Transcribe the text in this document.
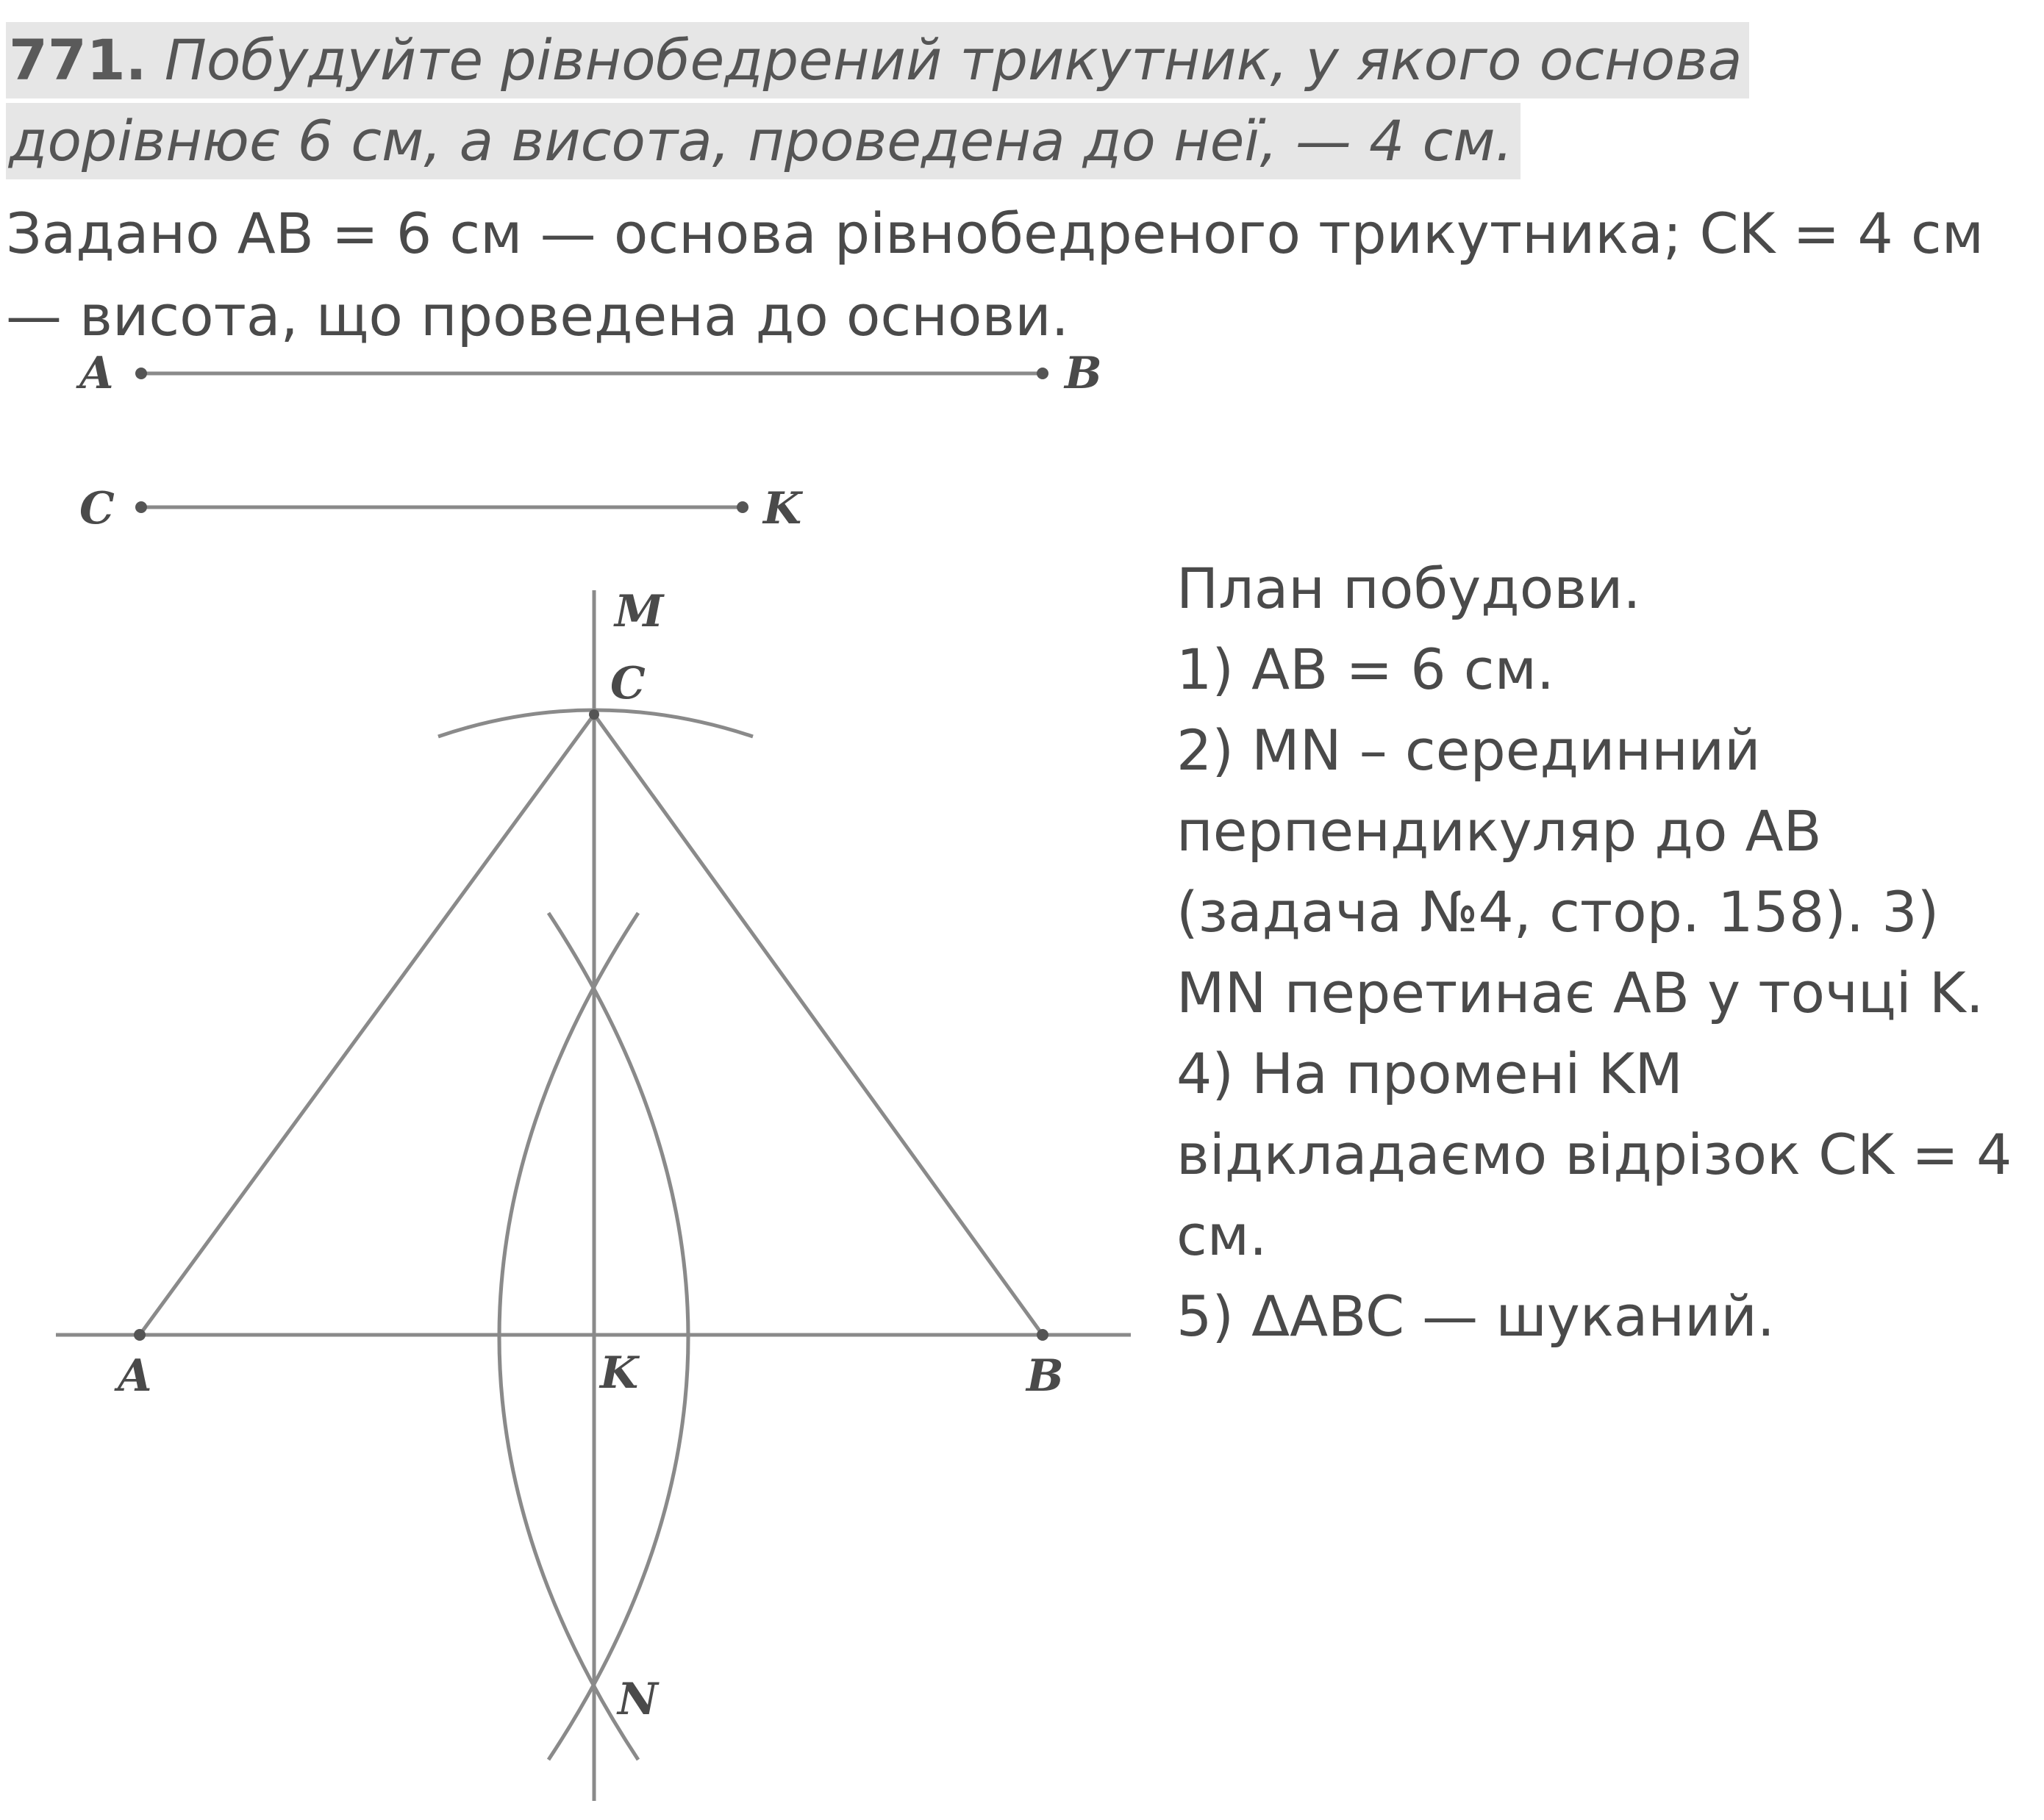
771. Побудуйте рівнобедрений трикутник, у якого основа
дорівнює 6 см, а висота, проведена до неї, — 4 см.
Задано AB = 6 см — основа рівнобедреного трикутника; CK = 4 см
— висота, що проведена до основи.
A	B
C	K
M
C
A	K	B
N
План побудови.
1) AB = 6 см.
2) MN – серединний
перпендикуляр до AB
(задача №4, стор. 158). 3)
MN перетинає AB у точці K.
4) На промені KM
відкладаємо відрізок CK = 4
см.
5) ΔABC — шуканий.
